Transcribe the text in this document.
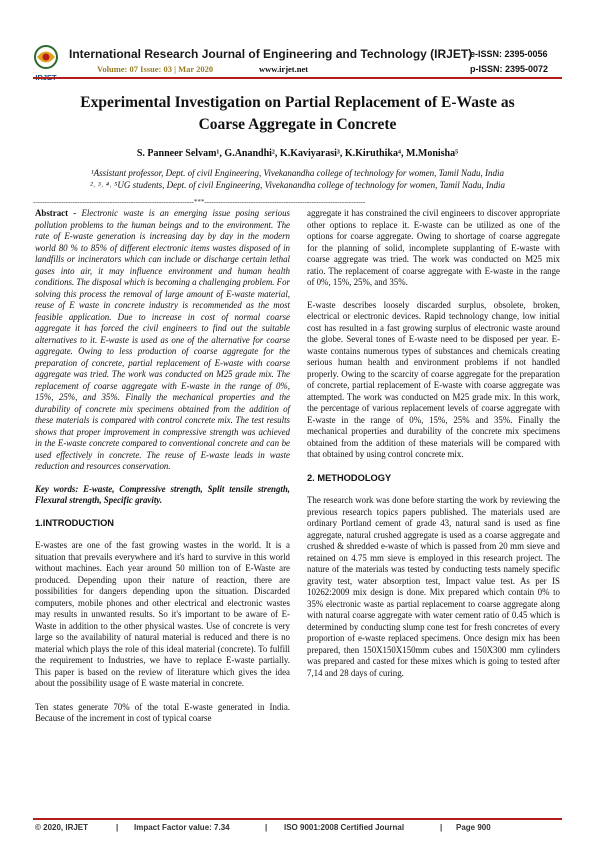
IRJET
International Research Journal of Engineering and Technology (IRJET)
e-ISSN: 2395-0056
Volume: 07 Issue: 03 | Mar 2020	www.irjet.net	p-ISSN: 2395-0072
Experimental Investigation on Partial Replacement of E-Waste as
Coarse Aggregate in Concrete
S. Panneer Selvam¹, G.Anandhi², K.Kaviyarasi³, K.Kiruthika⁴, M.Monisha⁵
¹Assistant professor, Dept. of civil Engineering, Vivekanandha college of technology for women, Tamil Nadu, India
²˒ ³˒ ⁴˒ ⁵UG students, Dept. of civil Engineering, Vivekanandha college of technology for women, Tamil Nadu, India
---------------------------------------------------------------------***---------------------------------------------------------------------

Abstract - Electronic waste is an emerging issue posing serious pollution problems to the human beings and to the environment. The rate of E-waste generation is increasing day by day in the modern world 80 % to 85% of different electronic items wastes disposed of in landfills or incinerators which can include or discharge certain lethal gases into air, it may influence environment and human health conditions. The disposal which is becoming a challenging problem. For solving this process the removal of large amount of E-waste material, reuse of E waste in concrete industry is recommended as the most feasible application. Due to increase in cost of normal coarse aggregate it has forced the civil engineers to find out the suitable alternatives to it. E-waste is used as one of the alternative for coarse aggregate. Owing to less production of coarse aggregate for the preparation of concrete, partial replacement of E-waste with coarse aggregate was tried. The work was conducted on M25 grade mix. The replacement of coarse aggregate with E-waste in the range of 0%, 15%, 25%, and 35%. Finally the mechanical properties and the durability of concrete mix specimens obtained from the addition of these materials is compared with control concrete mix. The test results shows that proper improvement in compressive strength was achieved in the E-waste concrete compared to conventional concrete and can be used effectively in concrete. The reuse of E-waste leads in waste reduction and resources conservation.

Key words: E-waste, Compressive strength, Split tensile strength, Flexural strength, Specific gravity.

1.INTRODUCTION

E-wastes are one of the fast growing wastes in the world. It is a situation that prevails everywhere and it's hard to survive in this world without machines. Each year around 50 million ton of E-Waste are produced. Depending upon their nature of reaction, there are possibilities for dangers depending upon the situation. Discarded computers, mobile phones and other electrical and electronic wastes may results in unwanted results. So it's important to be aware of E-Waste in addition to the other physical wastes. Use of concrete is very large so the availability of natural material is reduced and there is no material which plays the role of this ideal material (concrete). To fulfill the requirement to Industries, we have to replace E-waste partially. This paper is based on the review of literature which gives the idea about the possibility usage of E waste material in concrete.

Ten states generate 70% of the total E-waste generated in India. Because of the increment in cost of typical coarse

aggregate it has constrained the civil engineers to discover appropriate other options to replace it. E-waste can be utilized as one of the options for coarse aggregate. Owing to shortage of coarse aggregate for the planning of solid, incomplete supplanting of E-waste with coarse aggregate was tried. The work was conducted on M25 mix ratio. The replacement of coarse aggregate with E-waste in the range of 0%, 15%, 25%, and 35%.

E-waste describes loosely discarded surplus, obsolete, broken, electrical or electronic devices. Rapid technology change, low initial cost has resulted in a fast growing surplus of electronic waste around the globe. Several tones of E-waste need to be disposed per year. E-waste contains numerous types of substances and chemicals creating serious human health and environment problems if not handled properly. Owing to the scarcity of coarse aggregate for the preparation of concrete, partial replacement of E-waste with coarse aggregate was attempted. The work was conducted on M25 grade mix. In this work, the percentage of various replacement levels of coarse aggregate with E-waste in the range of 0%, 15%, 25% and 35%. Finally the mechanical properties and durability of the concrete mix specimens obtained from the addition of these materials will be compared with that obtained by using control concrete mix.

2. METHODOLOGY

The research work was done before starting the work by reviewing the previous research topics papers published. The materials used are ordinary Portland cement of grade 43, natural sand is used as fine aggregate, natural crushed aggregate is used as a coarse aggregate and crushed & shredded e-waste of which is passed from 20 mm sieve and retained on 4.75 mm sieve is employed in this research project. The nature of the materials was tested by conducting tests namely specific gravity test, water absorption test, Impact value test. As per IS 10262:2009 mix design is done. Mix prepared which contain 0% to 35% electronic waste as partial replacement to coarse aggregate along with natural coarse aggregate with water cement ratio of 0.45 which is determined by conducting slump cone test for fresh concretes of every proportion of e-waste replaced specimens. Once design mix has been prepared, then 150X150X150mm cubes and 150X300 mm cylinders was prepared and casted for these mixes which is going to tested after 7,14 and 28 days of curing.

© 2020, IRJET	| Impact Factor value: 7.34	| ISO 9001:2008 Certified Journal	| Page 900
